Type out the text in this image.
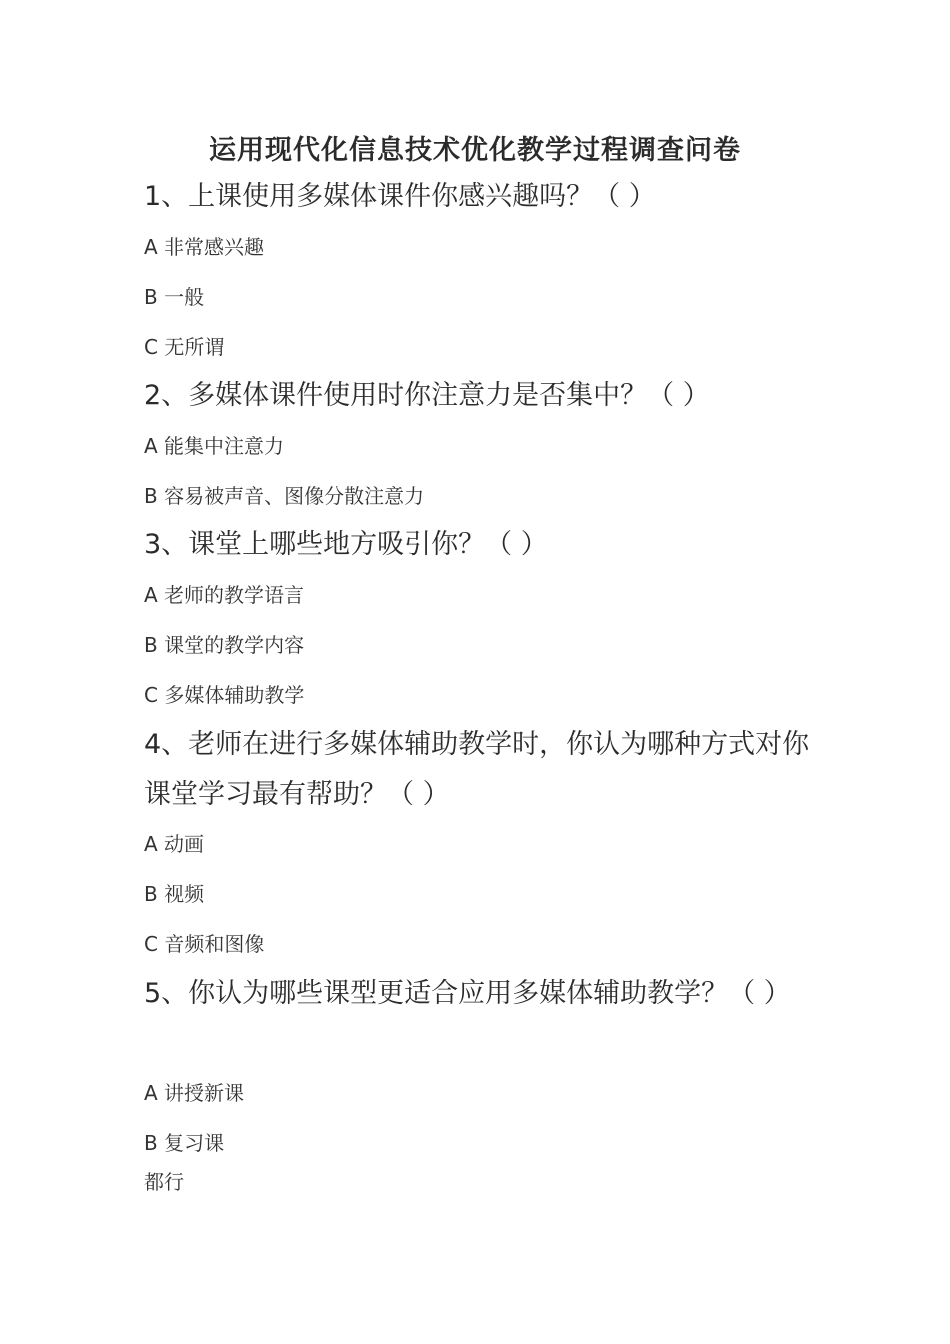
运用现代化信息技术优化教学过程调查问卷

1、上课使用多媒体课件你感兴趣吗？（ ）

A 非常感兴趣

B 一般

C 无所谓

2、多媒体课件使用时你注意力是否集中？（ ）

A 能集中注意力

B 容易被声音、图像分散注意力

3、课堂上哪些地方吸引你？（ ）

A 老师的教学语言

B 课堂的教学内容

C 多媒体辅助教学

4、老师在进行多媒体辅助教学时，你认为哪种方式对你课堂学习最有帮助？（ ）

A 动画

B 视频

C 音频和图像

5、你认为哪些课型更适合应用多媒体辅助教学？（ ）

A 讲授新课

B 复习课

都行
